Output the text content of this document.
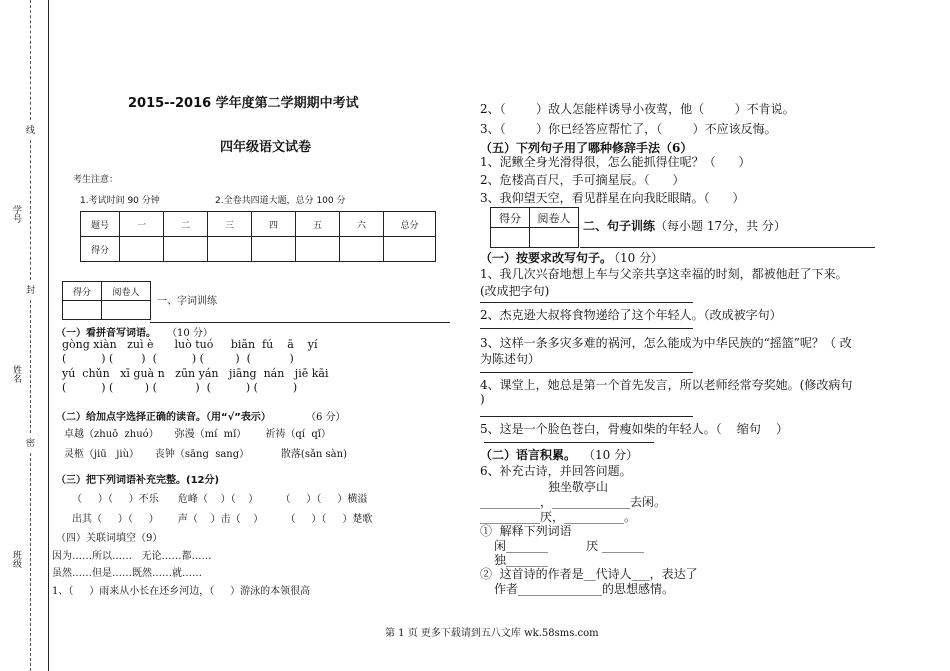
线
封
密
学号
姓名
班级
2015--2016 学年度第二学期期中考试
四年级语文试卷
考生注意：
1.考试时间 90 分钟	2.全卷共四道大题，总分 100 分
题号	一	二	三	四	五	六	总分
得分							
得分	阅卷人

一、字词训练
（一）看拼音写词语。 （10 分）
gòng xiàn   zuì è      luò tuó     biān  fú    ā    yí
(          ) (        )  (          ) (         )  (           )
yú  chǔn   xī guà n   zūn yán   jiāng  nán   jiē kāi
(          ) (         ) (           )  (          ) (          )
（二）给加点字选择正确的读音。（用“√”表示）	（6 分）
卓越（zhuō  zhuó）     弥漫（mí  mǐ）      祈祷（qí  qǐ）
灵柩（jiū   jiù）     丧钟（sāng  sang）          散落(sǎn sàn)
（三）把下列词语补充完整。(12分)
（     ）（     ）不乐      危峰（    ）（    ）       （     ）（     ）横溢
出其（     ）（     ）      声（    ）击（    ）       （     ）（     ）楚歌
（四）关联词填空（9）
因为……所以……   无论……都……
虽然……但是……既然……就……
1、（     ）雨来从小长在还乡河边，（     ）游泳的本领很高
2、（        ）敌人怎能样诱导小夜莺，他（        ）不肯说。
3、（        ）你已经答应帮忙了，（        ）不应该反悔。
（五）下列句子用了哪种修辞手法（6）
1、泥鳅全身光滑得很，怎么能抓得住呢？（      ）
2、危楼高百尺，手可摘星辰。（      ）
3、我仰望天空，看见群星在向我眨眼睛。（      ）
得分	阅卷人

二、句子训练 （每小题 17分，共 分）
（一）按要求改写句子。
（10 分）
1、我几次兴奋地想上车与父亲共享这幸福的时刻，都被他赶了下来。
(改成把字句)
2、杰克逊大叔将食物递给了这个年轻人。（改成被字句）
3、这样一条多灾多难的祸河，怎么能成为中华民族的“摇篮”呢？（ 改
为陈述句）
4、课堂上，她总是第一个首先发言，所以老师经常夸奖她。(修改病句
)
5、这是一个脸色苍白，骨瘦如柴的年轻人。（    缩句    ）
（二）语言积累。 （10 分）
6、补充古诗，并回答问题。
独坐敬亭山
__________，_____________去闲。
__________厌，__________。
①  解释下列词语
闲_______          厌 _______
独_______
②  这首诗的作者是__代诗人___，表达了
作者______________的思想感情。
第 1 页 更多下载请到五八文库 wk.58sms.com
